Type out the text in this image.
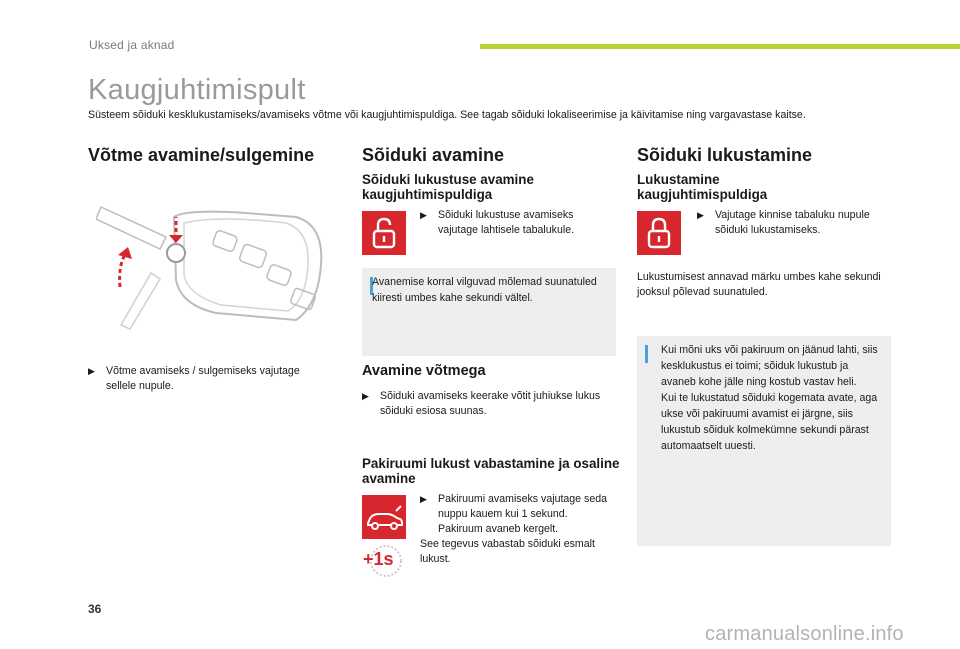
Uksed ja aknad
Kaugjuhtimispult
Süsteem sõiduki kesklukustamiseks/avamiseks võtme või kaugjuhtimispuldiga. See tagab sõiduki lokaliseerimise ja käivitamise ning vargavastase kaitse.
Võtme avamine/sulgemine
▶	Võtme avamiseks / sulgemiseks vajutage sellele nupule.
Sõiduki avamine
Sõiduki lukustuse avamine kaugjuhtimispuldiga
▶	Sõiduki lukustuse avamiseks vajutage lahtisele tabalukule.
Avanemise korral vilguvad mõlemad suunatuled kiiresti umbes kahe sekundi vältel.
Avamine võtmega
▶	Sõiduki avamiseks keerake võtit juhiukse lukus sõiduki esiosa suunas.
Pakiruumi lukust vabastamine ja osaline avamine
+1s
▶	Pakiruumi avamiseks vajutage seda nuppu kauem kui 1 sekund.
Pakiruum avaneb kergelt.
See tegevus vabastab sõiduki esmalt lukust.
Sõiduki lukustamine
Lukustamine kaugjuhtimispuldiga
▶	Vajutage kinnise tabaluku nupule sõiduki lukustamiseks.
Lukustumisest annavad märku umbes kahe sekundi jooksul põlevad suunatuled.
Kui mõni uks või pakiruum on jäänud lahti, siis kesklukustus ei toimi; sõiduk lukustub ja avaneb kohe jälle ning kostub vastav heli.
Kui te lukustatud sõiduki kogemata avate, aga ukse või pakiruumi avamist ei järgne, siis lukustub sõiduk kolmekümne sekundi pärast automaatselt uuesti.
36
carmanualsonline.info
